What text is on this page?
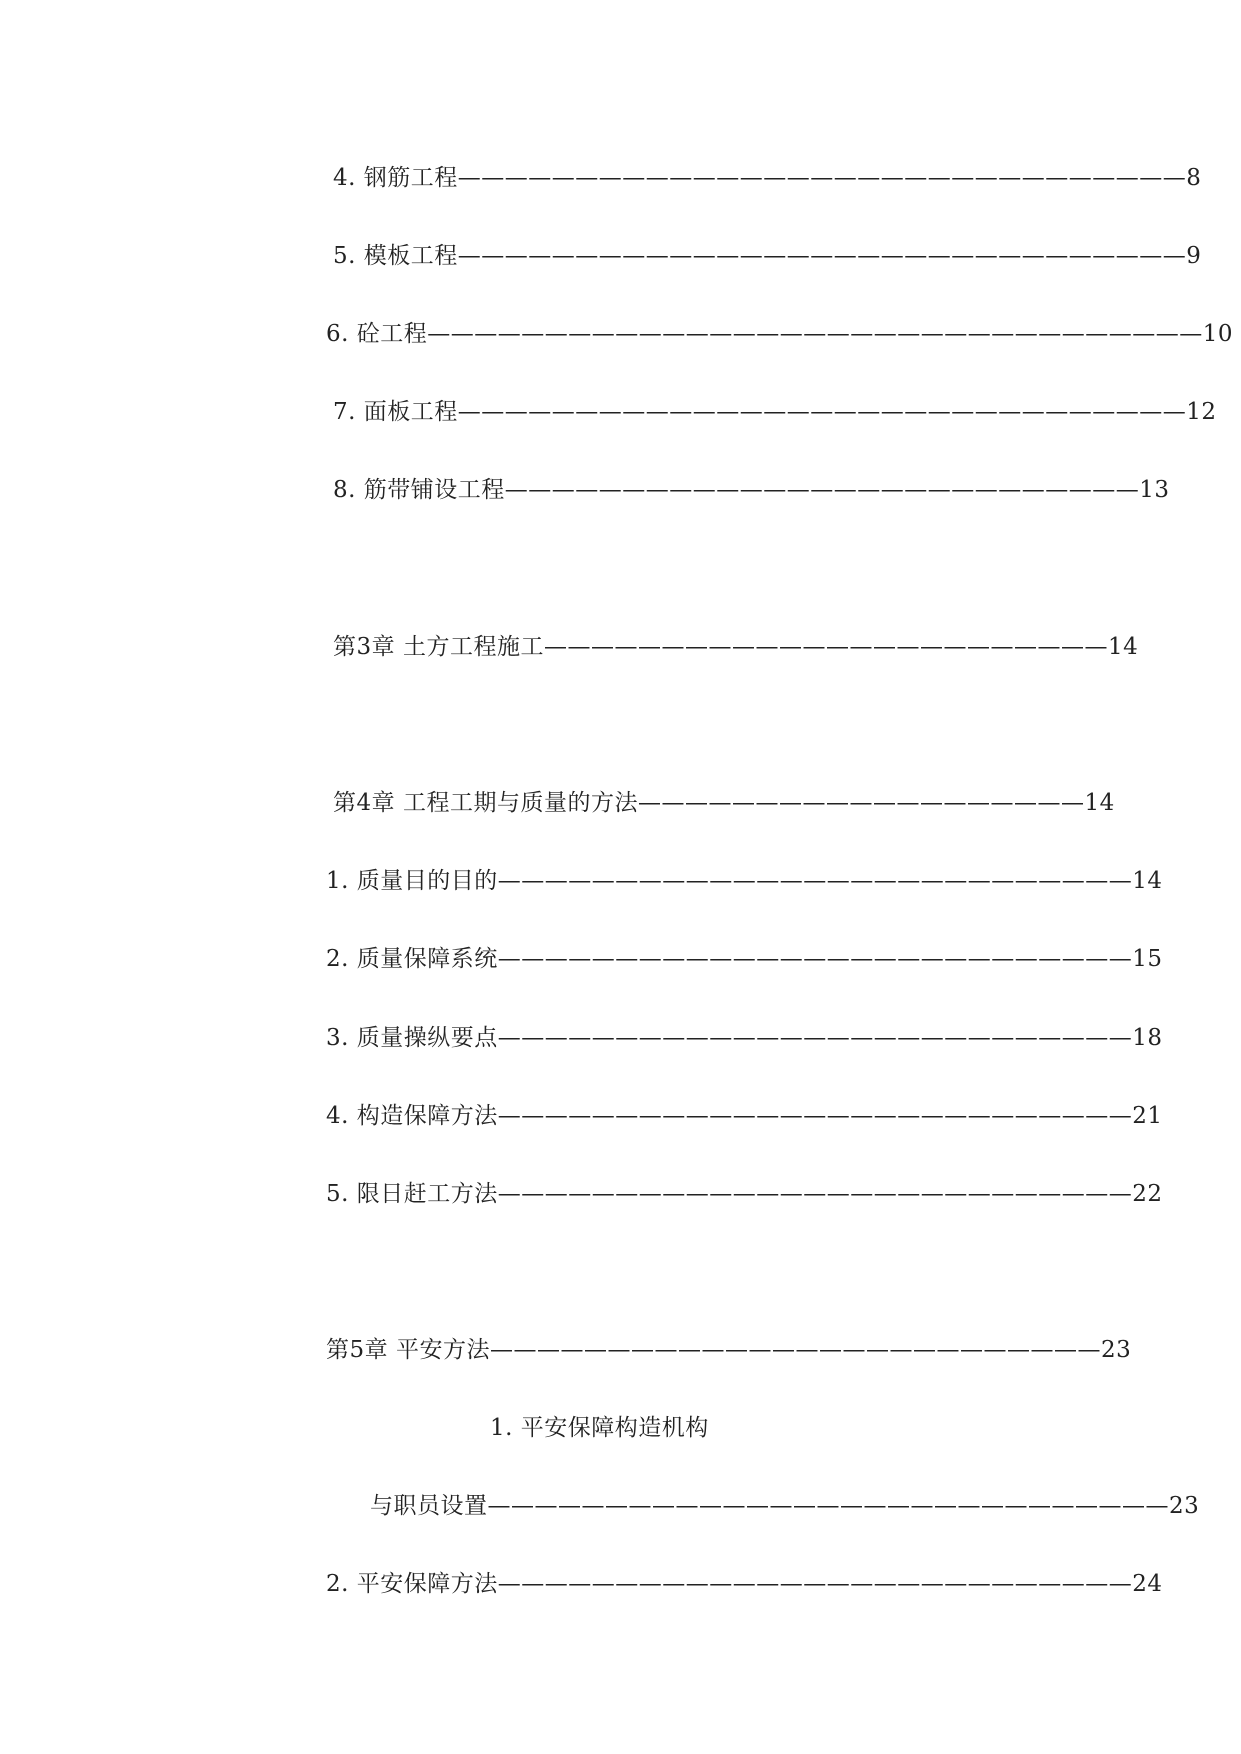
4. 钢筋工程———————————————————————————————8
5. 模板工程———————————————————————————————9
6. 砼工程—————————————————————————————————10
7. 面板工程———————————————————————————————12
8. 筋带铺设工程———————————————————————————13
第3章 土方工程施工————————————————————————14
第4章 工程工期与质量的方法———————————————————14
1. 质量目的目的———————————————————————————14
2. 质量保障系统———————————————————————————15
3. 质量操纵要点———————————————————————————18
4. 构造保障方法———————————————————————————21
5. 限日赶工方法———————————————————————————22
第5章 平安方法——————————————————————————23
1. 平安保障构造机构
与职员设置—————————————————————————————23
2. 平安保障方法———————————————————————————24
